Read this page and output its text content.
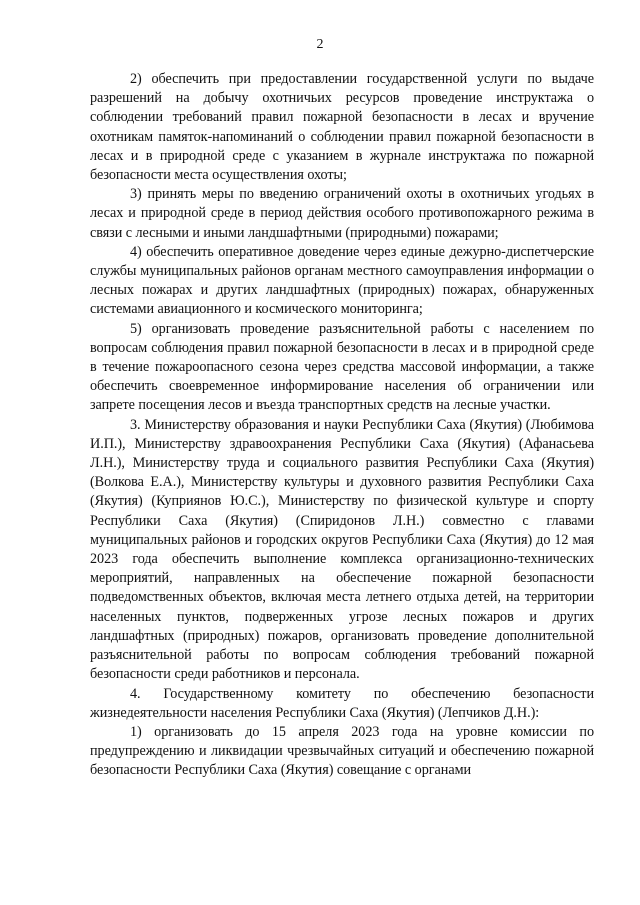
2

2) обеспечить при предоставлении государственной услуги по выдаче разрешений на добычу охотничьих ресурсов проведение инструктажа о соблюдении требований правил пожарной безопасности в лесах и вручение охотникам памяток-напоминаний о соблюдении правил пожарной безопасности в лесах и в природной среде с указанием в журнале инструктажа по пожарной безопасности места осуществления охоты;

3) принять меры по введению ограничений охоты в охотничьих угодьях в лесах и природной среде в период действия особого противопожарного режима в связи с лесными и иными ландшафтными (природными) пожарами;

4) обеспечить оперативное доведение через единые дежурно-диспетчерские службы муниципальных районов органам местного самоуправления информации о лесных пожарах и других ландшафтных (природных) пожарах, обнаруженных системами авиационного и космического мониторинга;

5) организовать проведение разъяснительной работы с населением по вопросам соблюдения правил пожарной безопасности в лесах и в природной среде в течение пожароопасного сезона через средства массовой информации, а также обеспечить своевременное информирование населения об ограничении или запрете посещения лесов и въезда транспортных средств на лесные участки.

3. Министерству образования и науки Республики Саха (Якутия) (Любимова И.П.), Министерству здравоохранения Республики Саха (Якутия) (Афанасьева Л.Н.), Министерству труда и социального развития Республики Саха (Якутия) (Волкова Е.А.), Министерству культуры и духовного развития Республики Саха (Якутия) (Куприянов Ю.С.), Министерству по физической культуре и спорту Республики Саха (Якутия) (Спиридонов Л.Н.) совместно с главами муниципальных районов и городских округов Республики Саха (Якутия) до 12 мая 2023 года обеспечить выполнение комплекса организационно-технических мероприятий, направленных на обеспечение пожарной безопасности подведомственных объектов, включая места летнего отдыха детей, на территории населенных пунктов, подверженных угрозе лесных пожаров и других ландшафтных (природных) пожаров, организовать проведение дополнительной разъяснительной работы по вопросам соблюдения требований пожарной безопасности среди работников и персонала.

4. Государственному комитету по обеспечению безопасности жизнедеятельности населения Республики Саха (Якутия) (Лепчиков Д.Н.):

1) организовать до 15 апреля 2023 года на уровне комиссии по предупреждению и ликвидации чрезвычайных ситуаций и обеспечению пожарной безопасности Республики Саха (Якутия) совещание с органами
